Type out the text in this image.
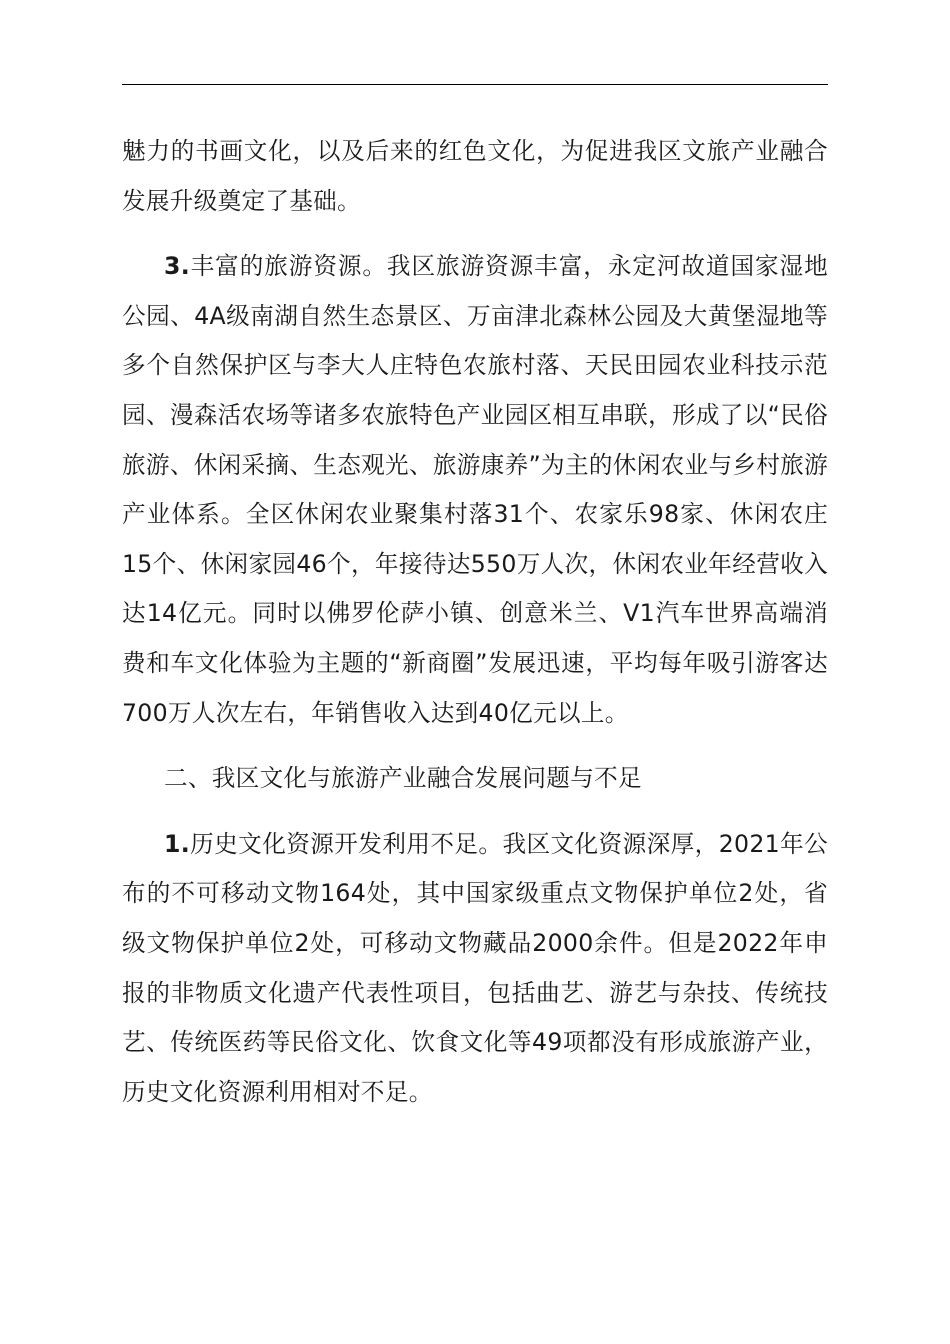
魅力的书画文化，以及后来的红色文化，为促进我区文旅产业融合发展升级奠定了基础。

3.丰富的旅游资源。我区旅游资源丰富，永定河故道国家湿地公园、4A级南湖自然生态景区、万亩津北森林公园及大黄堡湿地等多个自然保护区与李大人庄特色农旅村落、天民田园农业科技示范园、漫森活农场等诸多农旅特色产业园区相互串联，形成了以“民俗旅游、休闲采摘、生态观光、旅游康养”为主的休闲农业与乡村旅游产业体系。全区休闲农业聚集村落31个、农家乐98家、休闲农庄15个、休闲家园46个，年接待达550万人次，休闲农业年经营收入达14亿元。同时以佛罗伦萨小镇、创意米兰、V1汽车世界高端消费和车文化体验为主题的“新商圈”发展迅速，平均每年吸引游客达700万人次左右，年销售收入达到40亿元以上。

二、我区文化与旅游产业融合发展问题与不足

1.历史文化资源开发利用不足。我区文化资源深厚，2021年公布的不可移动文物164处，其中国家级重点文物保护单位2处，省级文物保护单位2处，可移动文物藏品2000余件。但是2022年申报的非物质文化遗产代表性项目，包括曲艺、游艺与杂技、传统技艺、传统医药等民俗文化、饮食文化等49项都没有形成旅游产业，历史文化资源利用相对不足。
